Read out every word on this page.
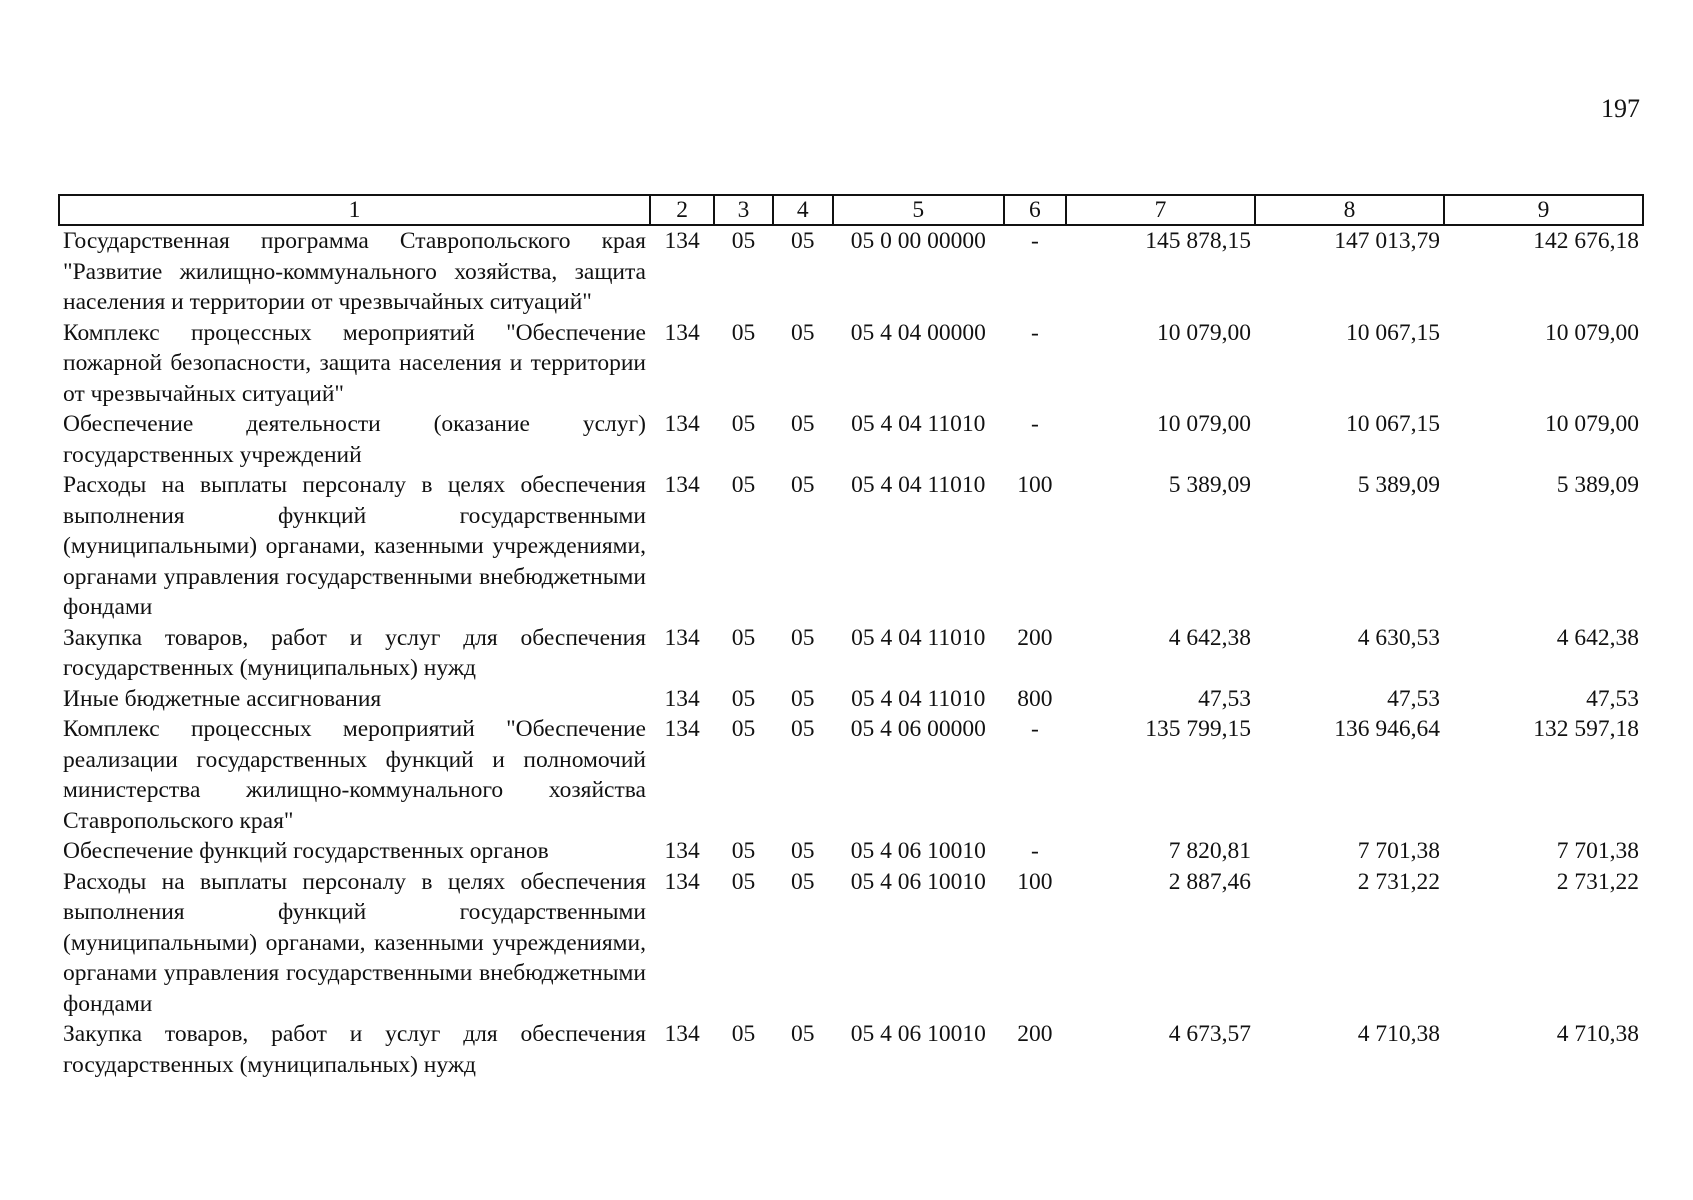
197
1	2	3	4	5	6	7	8	9
Государственная программа Ставропольского края "Развитие жилищно-коммунального хозяйства, защита населения и территории от чрезвычайных ситуаций"	134	05	05	05 0 00 00000	-	145 878,15	147 013,79	142 676,18
Комплекс процессных мероприятий "Обеспечение пожарной безопасности, защита населения и территории от чрезвычайных ситуаций"	134	05	05	05 4 04 00000	-	10 079,00	10 067,15	10 079,00
Обеспечение деятельности (оказание услуг) государственных учреждений	134	05	05	05 4 04 11010	-	10 079,00	10 067,15	10 079,00
Расходы на выплаты персоналу в целях обеспечения выполнения функций государственными (муниципальными) органами, казенными учреждениями, органами управления государственными внебюджетными фондами	134	05	05	05 4 04 11010	100	5 389,09	5 389,09	5 389,09
Закупка товаров, работ и услуг для обеспечения государственных (муниципальных) нужд	134	05	05	05 4 04 11010	200	4 642,38	4 630,53	4 642,38
Иные бюджетные ассигнования	134	05	05	05 4 04 11010	800	47,53	47,53	47,53
Комплекс процессных мероприятий "Обеспечение реализации государственных функций и полномочий министерства жилищно-коммунального хозяйства Ставропольского края"	134	05	05	05 4 06 00000	-	135 799,15	136 946,64	132 597,18
Обеспечение функций государственных органов	134	05	05	05 4 06 10010	-	7 820,81	7 701,38	7 701,38
Расходы на выплаты персоналу в целях обеспечения выполнения функций государственными (муниципальными) органами, казенными учреждениями, органами управления государственными внебюджетными фондами	134	05	05	05 4 06 10010	100	2 887,46	2 731,22	2 731,22
Закупка товаров, работ и услуг для обеспечения государственных (муниципальных) нужд	134	05	05	05 4 06 10010	200	4 673,57	4 710,38	4 710,38
